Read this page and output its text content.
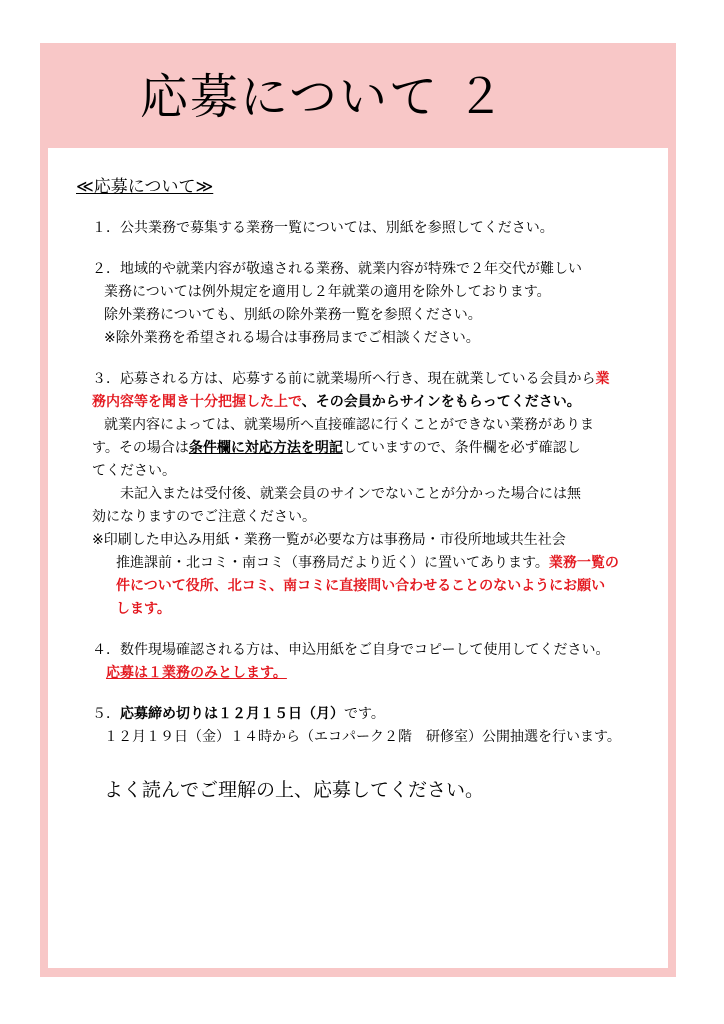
応募について ２
≪応募について≫
１．公共業務で募集する業務一覧については、別紙を参照してください。
２．地域的や就業内容が敬遠される業務、就業内容が特殊で２年交代が難しい
業務については例外規定を適用し２年就業の適用を除外しております。
除外業務についても、別紙の除外業務一覧を参照ください。
※除外業務を希望される場合は事務局までご相談ください。
３．応募される方は、応募する前に就業場所へ行き、現在就業している会員から業
務内容等を聞き十分把握した上で、その会員からサインをもらってください。
就業内容によっては、就業場所へ直接確認に行くことができない業務がありま
す。その場合は条件欄に対応方法を明記していますので、条件欄を必ず確認し
てください。
未記入または受付後、就業会員のサインでないことが分かった場合には無
効になりますのでご注意ください。
※印刷した申込み用紙・業務一覧が必要な方は事務局・市役所地域共生社会
推進課前・北コミ・南コミ（事務局だより近く）に置いてあります。業務一覧の
件について役所、北コミ、南コミに直接問い合わせることのないようにお願い
します。
４．数件現場確認される方は、申込用紙をご自身でコピーして使用してください。
応募は１業務のみとします。
５．応募締め切りは１２月１５日（月）です。
１２月１９日（金）１４時から（エコパーク２階　研修室）公開抽選を行います。
よく読んでご理解の上、応募してください。
